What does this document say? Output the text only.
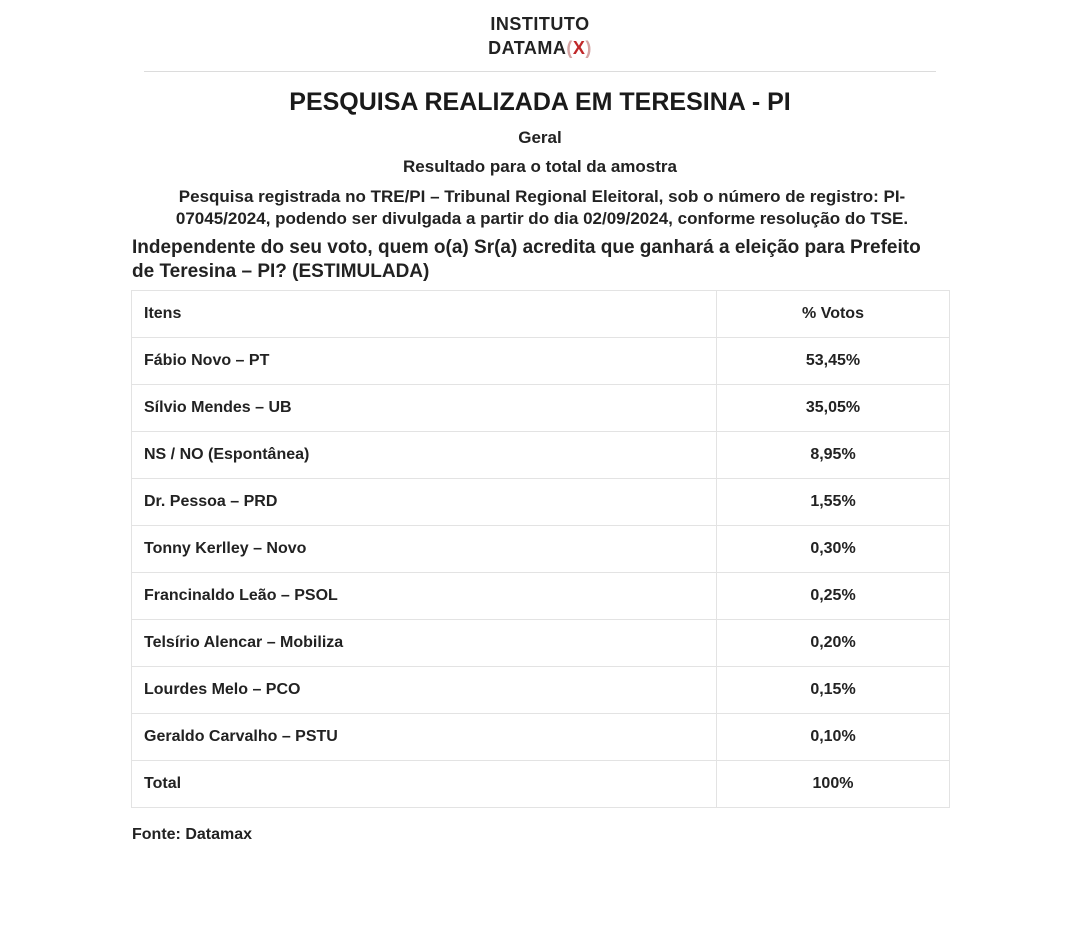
INSTITUTO
DATAMA(X)
PESQUISA REALIZADA EM TERESINA - PI
Geral
Resultado para o total da amostra
Pesquisa registrada no TRE/PI – Tribunal Regional Eleitoral, sob o número de registro: PI-07045/2024, podendo ser divulgada a partir do dia 02/09/2024, conforme resolução do TSE.
Independente do seu voto, quem o(a) Sr(a) acredita que ganhará a eleição para Prefeito de Teresina – PI? (ESTIMULADA)
Itens	% Votos
Fábio Novo – PT	53,45%
Sílvio Mendes – UB	35,05%
NS / NO (Espontânea)	8,95%
Dr. Pessoa – PRD	1,55%
Tonny Kerlley – Novo	0,30%
Francinaldo Leão – PSOL	0,25%
Telsírio Alencar – Mobiliza	0,20%
Lourdes Melo – PCO	0,15%
Geraldo Carvalho – PSTU	0,10%
Total	100%
Fonte: Datamax
